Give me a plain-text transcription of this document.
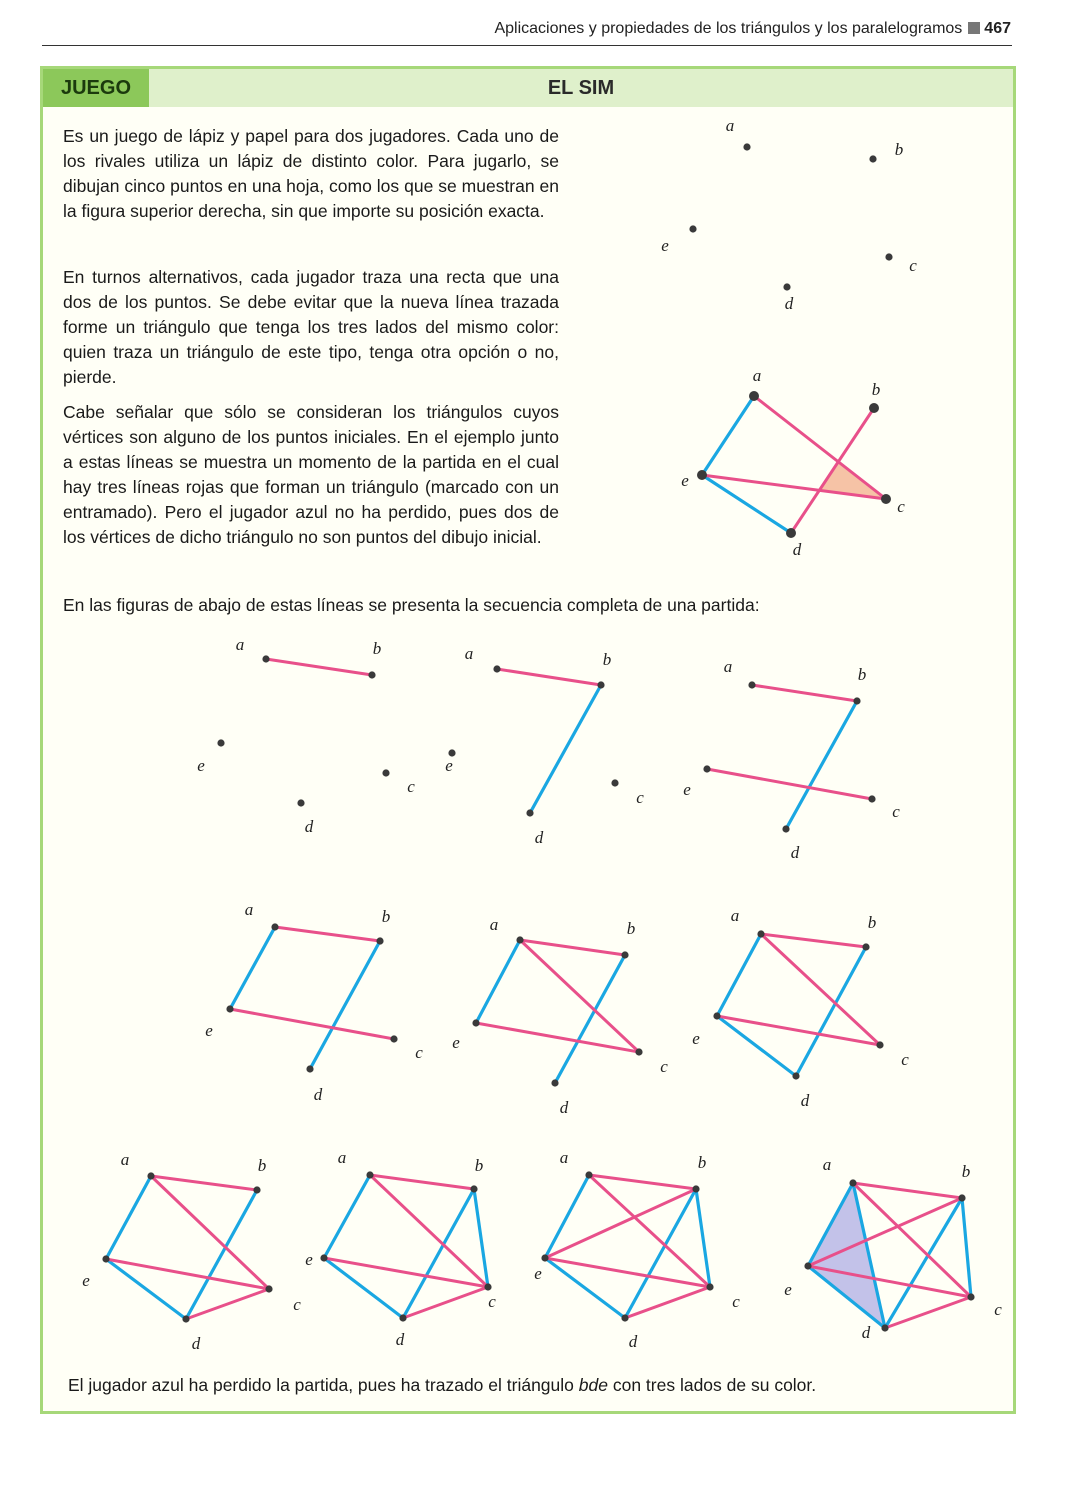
Aplicaciones y propiedades de los triángulos y los paralelogramos 467
JUEGO	EL SIM

Es un juego de lápiz y papel para dos jugadores. Cada uno de los rivales utiliza un lápiz de distinto color. Para jugarlo, se dibujan cinco puntos en una hoja, como los que se muestran en la figura superior derecha, sin que importe su posición exacta.

En turnos alternativos, cada jugador traza una recta que una dos de los puntos. Se debe evitar que la nueva línea trazada forme un triángulo que tenga los tres lados del mismo color: quien traza un triángulo de este tipo, tenga otra opción o no, pierde.

Cabe señalar que sólo se consideran los triángulos cuyos vértices son alguno de los puntos iniciales. En el ejemplo junto a estas líneas se muestra un momento de la partida en el cual hay tres líneas rojas que forman un triángulo (marcado con un entramado). Pero el jugador azul no ha perdido, pues dos de los vértices de dicho triángulo no son puntos del dibujo inicial.

En las figuras de abajo de estas líneas se presenta la secuencia completa de una partida:

El jugador azul ha perdido la partida, pues ha trazado el triángulo bde con tres lados de su color.

a
b
c
d
e
a
b
c
d
e
a	b
c
d
e
a	b
c
d
e
a	b
c
d
e
a	b
c
d
e
a	b
c
d
e
a	b
c
d
e
a	b
c
d
e
a	b
c
d
e
a	b
c
d
e
a	b
c
d
e
